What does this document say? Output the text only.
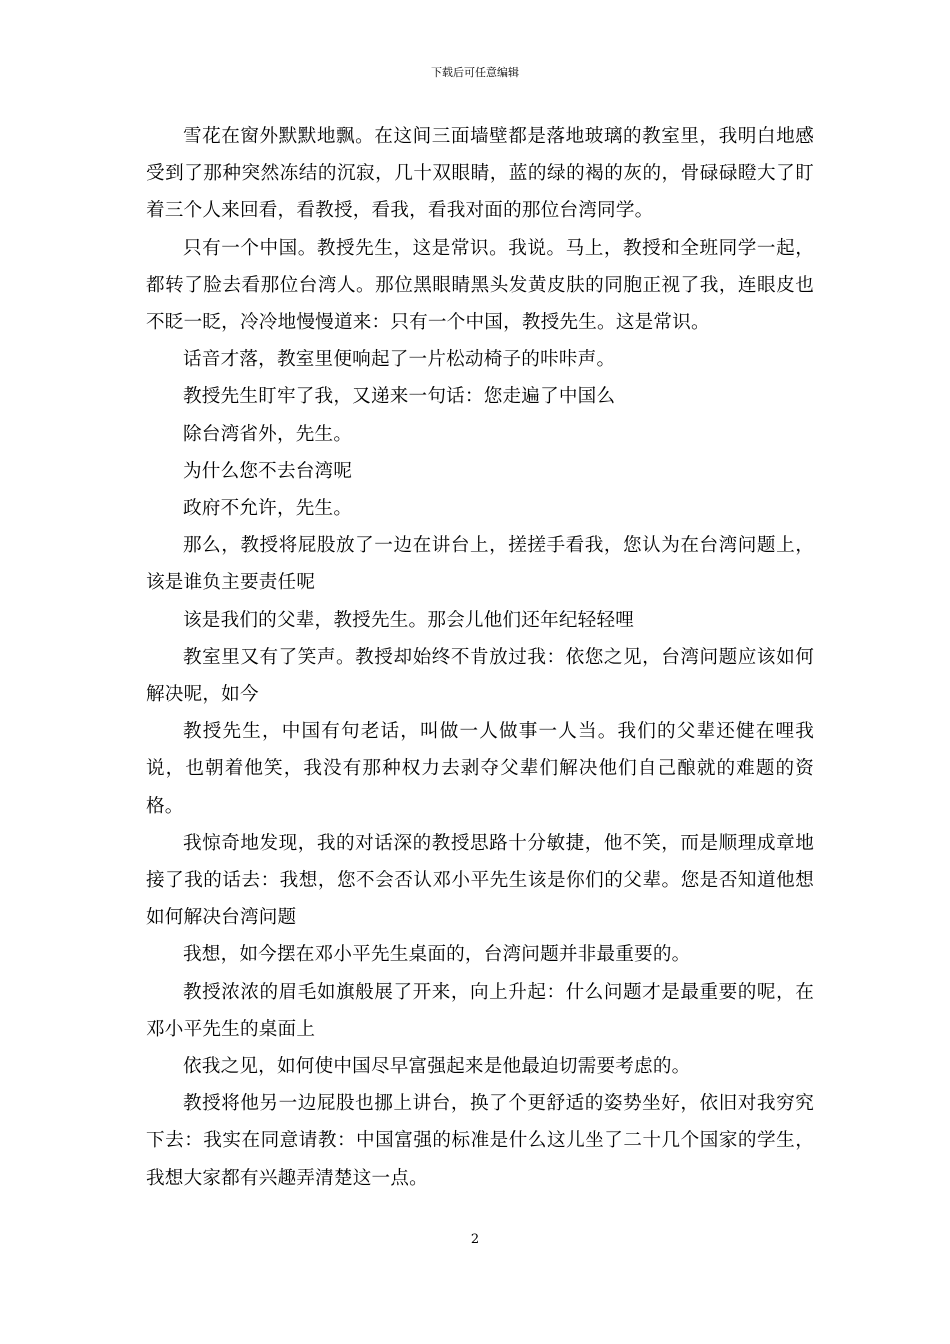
下载后可任意编辑

雪花在窗外默默地飘。在这间三面墙壁都是落地玻璃的教室里，我明白地感受到了那种突然冻结的沉寂，几十双眼睛，蓝的绿的褐的灰的，骨碌碌瞪大了盯着三个人来回看，看教授，看我，看我对面的那位台湾同学。

只有一个中国。教授先生，这是常识。我说。马上，教授和全班同学一起，都转了脸去看那位台湾人。那位黑眼睛黑头发黄皮肤的同胞正视了我，连眼皮也不眨一眨，冷冷地慢慢道来：只有一个中国，教授先生。这是常识。

话音才落，教室里便响起了一片松动椅子的咔咔声。

教授先生盯牢了我，又递来一句话：您走遍了中国么

除台湾省外，先生。

为什么您不去台湾呢

政府不允许，先生。

那么，教授将屁股放了一边在讲台上，搓搓手看我，您认为在台湾问题上，该是谁负主要责任呢

该是我们的父辈，教授先生。那会儿他们还年纪轻轻哩

教室里又有了笑声。教授却始终不肯放过我：依您之见，台湾问题应该如何解决呢，如今

教授先生，中国有句老话，叫做一人做事一人当。我们的父辈还健在哩我说，也朝着他笑，我没有那种权力去剥夺父辈们解决他们自己酿就的难题的资格。

我惊奇地发现，我的对话深的教授思路十分敏捷，他不笑，而是顺理成章地接了我的话去：我想，您不会否认邓小平先生该是你们的父辈。您是否知道他想如何解决台湾问题

我想，如今摆在邓小平先生桌面的，台湾问题并非最重要的。

教授浓浓的眉毛如旗般展了开来，向上升起：什么问题才是最重要的呢，在邓小平先生的桌面上

依我之见，如何使中国尽早富强起来是他最迫切需要考虑的。

教授将他另一边屁股也挪上讲台，换了个更舒适的姿势坐好，依旧对我穷究下去：我实在同意请教：中国富强的标准是什么这儿坐了二十几个国家的学生，我想大家都有兴趣弄清楚这一点。

2
